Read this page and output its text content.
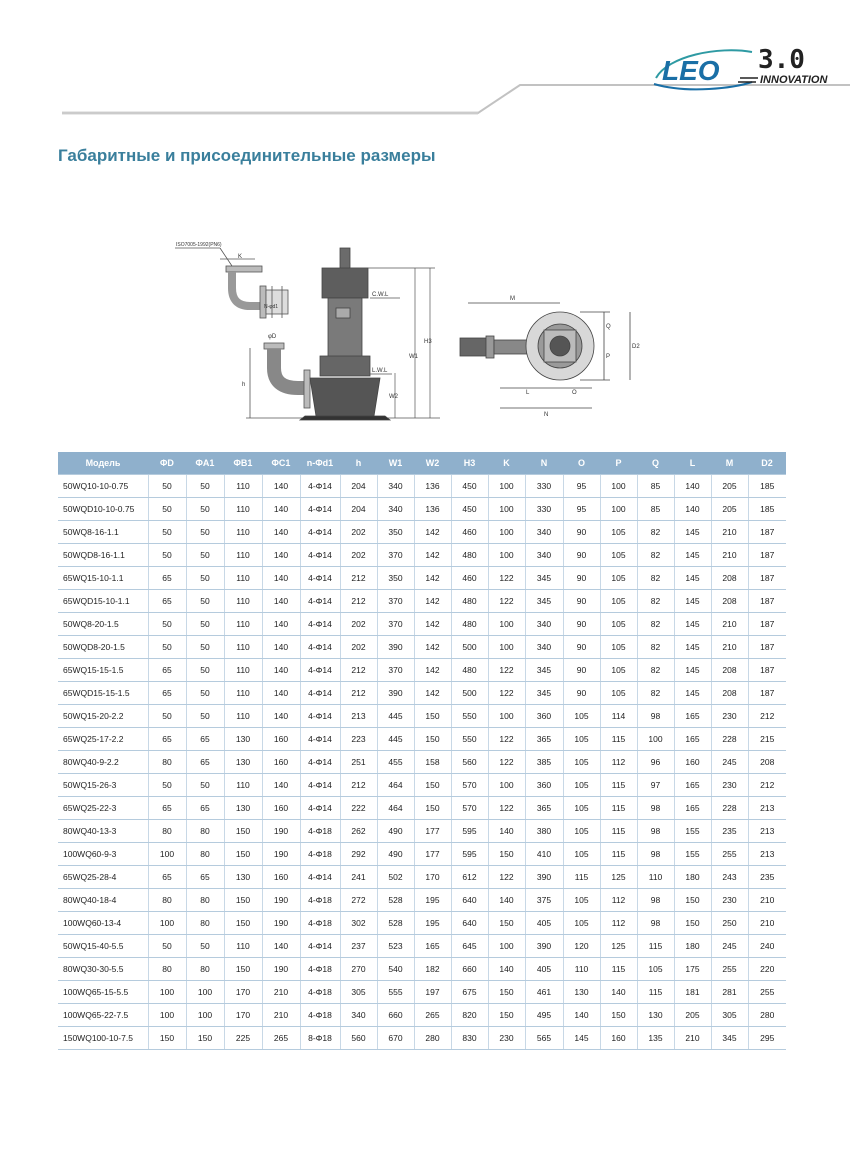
LEO 3.0
INNOVATION
Габаритные и присоединительные размеры
ISO7005-1992(PN6)
K
N-φd1
φD
h
C.W.L
L.W.L
W2
W1
H3
M
Q
P
D2
L	O
N
Модель	ΦD	ΦA1	ΦB1	ΦC1	n-Φd1	h	W1	W2	H3	K	N	O	P	Q	L	M	D2
50WQ10-10-0.75	50	50	110	140	4-Φ14	204	340	136	450	100	330	95	100	85	140	205	185
50WQD10-10-0.75	50	50	110	140	4-Φ14	204	340	136	450	100	330	95	100	85	140	205	185
50WQ8-16-1.1	50	50	110	140	4-Φ14	202	350	142	460	100	340	90	105	82	145	210	187
50WQD8-16-1.1	50	50	110	140	4-Φ14	202	370	142	480	100	340	90	105	82	145	210	187
65WQ15-10-1.1	65	50	110	140	4-Φ14	212	350	142	460	122	345	90	105	82	145	208	187
65WQD15-10-1.1	65	50	110	140	4-Φ14	212	370	142	480	122	345	90	105	82	145	208	187
50WQ8-20-1.5	50	50	110	140	4-Φ14	202	370	142	480	100	340	90	105	82	145	210	187
50WQD8-20-1.5	50	50	110	140	4-Φ14	202	390	142	500	100	340	90	105	82	145	210	187
65WQ15-15-1.5	65	50	110	140	4-Φ14	212	370	142	480	122	345	90	105	82	145	208	187
65WQD15-15-1.5	65	50	110	140	4-Φ14	212	390	142	500	122	345	90	105	82	145	208	187
50WQ15-20-2.2	50	50	110	140	4-Φ14	213	445	150	550	100	360	105	114	98	165	230	212
65WQ25-17-2.2	65	65	130	160	4-Φ14	223	445	150	550	122	365	105	115	100	165	228	215
80WQ40-9-2.2	80	65	130	160	4-Φ14	251	455	158	560	122	385	105	112	96	160	245	208
50WQ15-26-3	50	50	110	140	4-Φ14	212	464	150	570	100	360	105	115	97	165	230	212
65WQ25-22-3	65	65	130	160	4-Φ14	222	464	150	570	122	365	105	115	98	165	228	213
80WQ40-13-3	80	80	150	190	4-Φ18	262	490	177	595	140	380	105	115	98	155	235	213
100WQ60-9-3	100	80	150	190	4-Φ18	292	490	177	595	150	410	105	115	98	155	255	213
65WQ25-28-4	65	65	130	160	4-Φ14	241	502	170	612	122	390	115	125	110	180	243	235
80WQ40-18-4	80	80	150	190	4-Φ18	272	528	195	640	140	375	105	112	98	150	230	210
100WQ60-13-4	100	80	150	190	4-Φ18	302	528	195	640	150	405	105	112	98	150	250	210
50WQ15-40-5.5	50	50	110	140	4-Φ14	237	523	165	645	100	390	120	125	115	180	245	240
80WQ30-30-5.5	80	80	150	190	4-Φ18	270	540	182	660	140	405	110	115	105	175	255	220
100WQ65-15-5.5	100	100	170	210	4-Φ18	305	555	197	675	150	461	130	140	115	181	281	255
100WQ65-22-7.5	100	100	170	210	4-Φ18	340	660	265	820	150	495	140	150	130	205	305	280
150WQ100-10-7.5	150	150	225	265	8-Φ18	560	670	280	830	230	565	145	160	135	210	345	295
